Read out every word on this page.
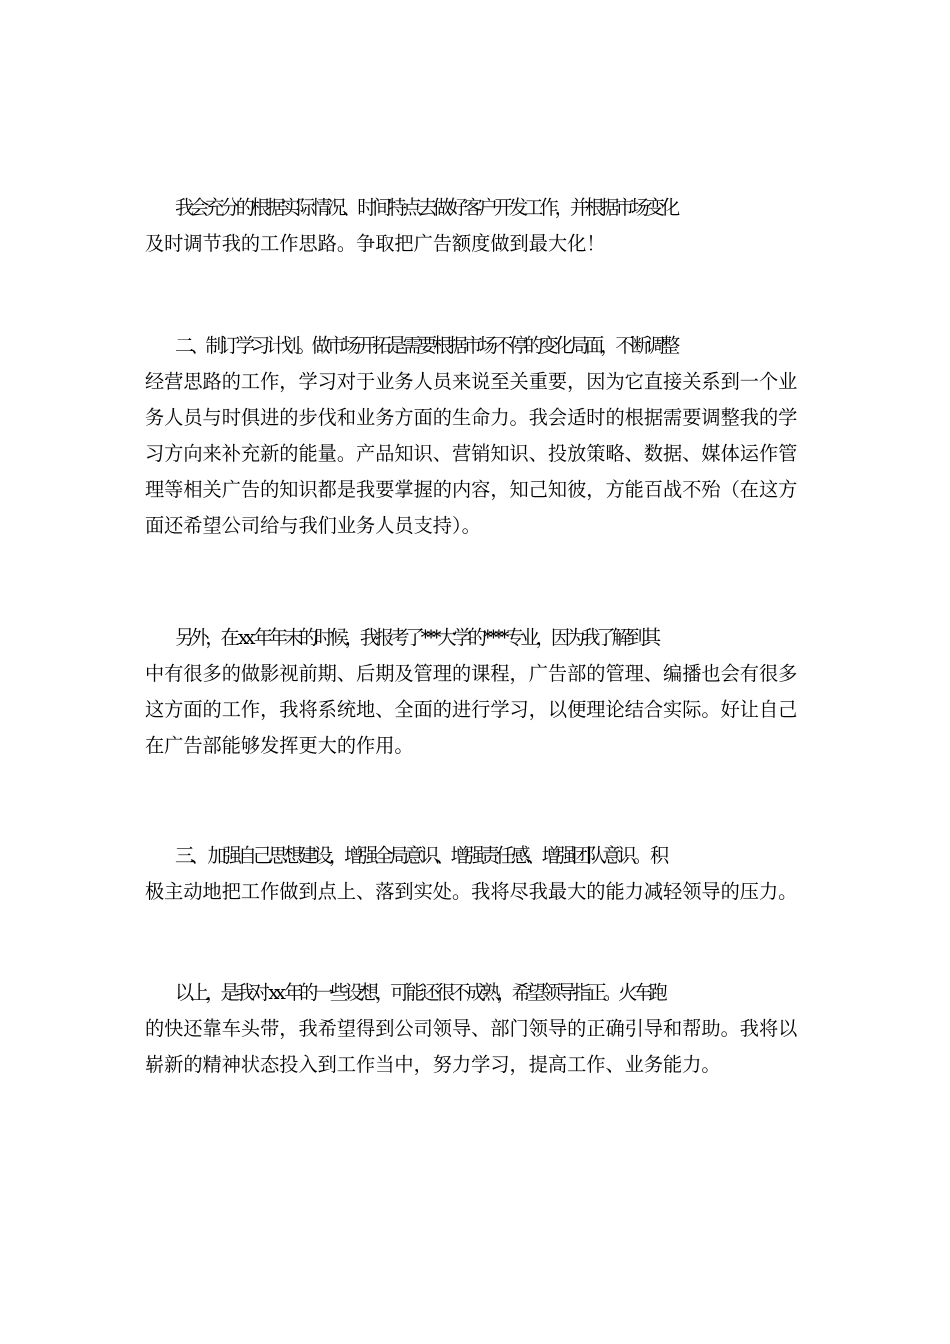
我会充分的根据实际情况、时间特点去做好客户开发工作，并根据市场变化
及时调节我的工作思路。争取把广告额度做到最大化！

二、制订学习计划。做市场开拓是需要根据市场不停的变化局面，不断调整
经营思路的工作，学习对于业务人员来说至关重要，因为它直接关系到一个业
务人员与时俱进的步伐和业务方面的生命力。我会适时的根据需要调整我的学
习方向来补充新的能量。产品知识、营销知识、投放策略、数据、媒体运作管
理等相关广告的知识都是我要掌握的内容，知己知彼，方能百战不殆（在这方
面还希望公司给与我们业务人员支持）。

另外，在 xx 年年末的时候，我报考了***大学的****专业，因为我了解到其
中有很多的做影视前期、后期及管理的课程，广告部的管理、编播也会有很多
这方面的工作，我将系统地、全面的进行学习，以便理论结合实际。好让自己
在广告部能够发挥更大的作用。

三、 加强自己思想建设，增强全局意识、增强责任感、增强团队意识。 积
极主动地把工作做到点上、落到实处。我将尽我最大的能力减轻领导的压力。

以上，是我对 xx 年的一些设想，可能还很不成熟，希望领导指正。火车跑
的快还靠车头带，我希望得到公司领导、部门领导的正确引导和帮助。我将以
崭新的精神状态投入到工作当中，努力学习，提高工作、业务能力。
